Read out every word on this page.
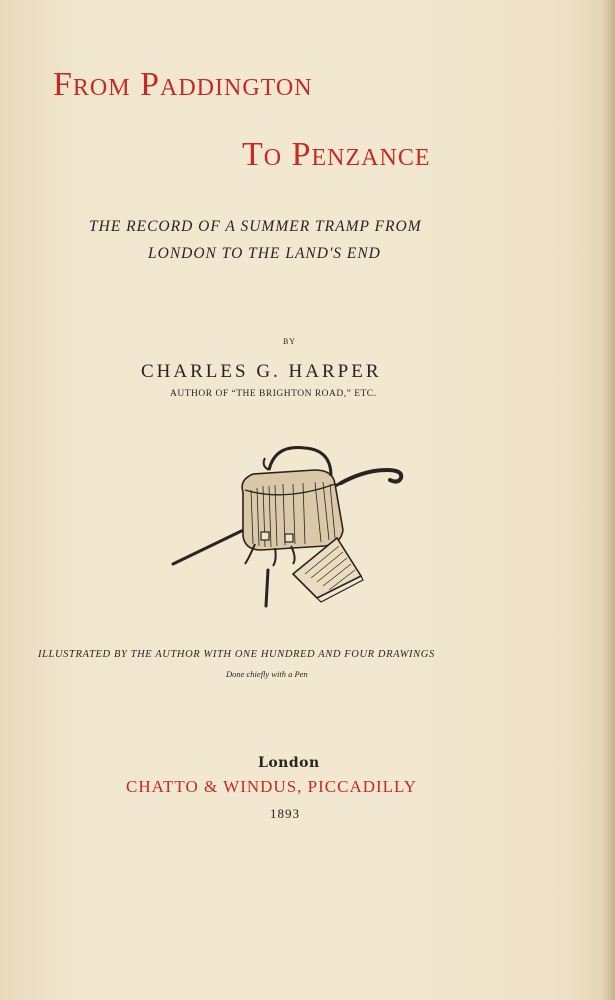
From Paddington
To Penzance
THE RECORD OF A SUMMER TRAMP FROM
LONDON TO THE LAND'S END
BY
CHARLES G. HARPER
AUTHOR OF “THE BRIGHTON ROAD,” ETC.
ILLUSTRATED BY THE AUTHOR WITH ONE HUNDRED AND FOUR DRAWINGS
Done chiefly with a Pen
London
CHATTO & WINDUS, PICCADILLY
1893
